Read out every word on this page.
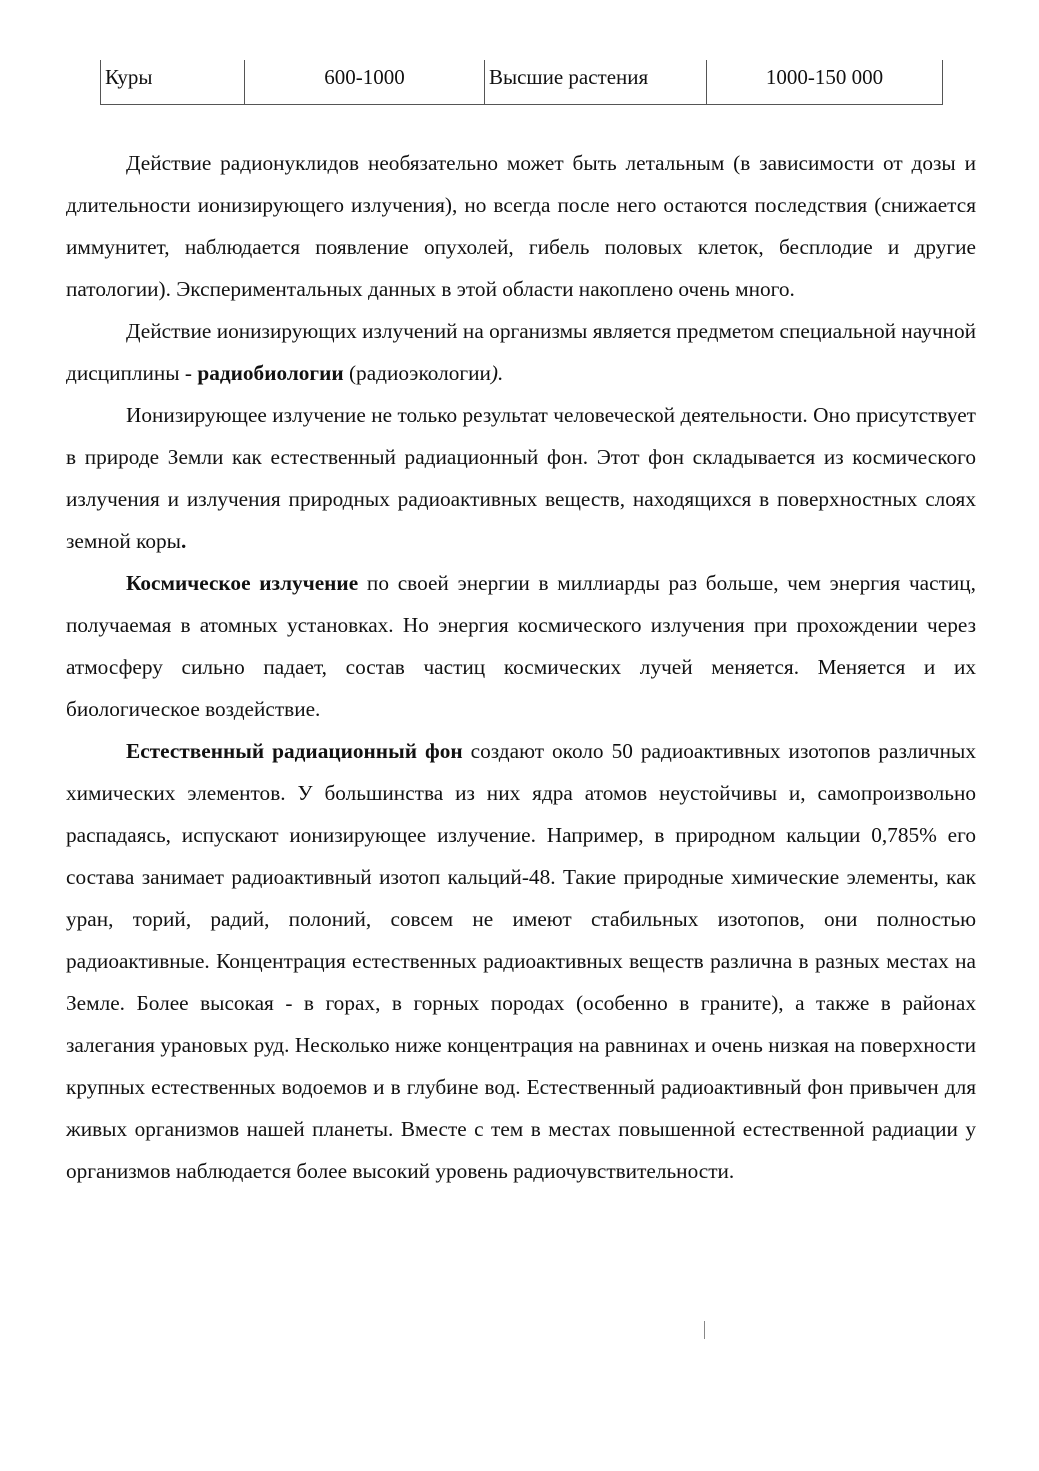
Куры	600-1000	Высшие растения	1000-150 000

Действие радионуклидов необязательно может быть летальным (в зависимости от дозы и длительности ионизирующего излучения), но всегда после него остаются последствия (снижается иммунитет, наблюдается появление опухолей, гибель половых клеток, бесплодие и другие патологии). Экспериментальных данных в этой области накоплено очень много.

Действие ионизирующих излучений на организмы является предметом специальной научной дисциплины - радиобиологии (радиоэкологии).

Ионизирующее излучение не только результат человеческой деятельности. Оно присутствует в природе Земли как естественный радиационный фон. Этот фон складывается из космического излучения и излучения природных радиоактивных веществ, находящихся в поверхностных слоях земной коры.

Космическое излучение по своей энергии в миллиарды раз больше, чем энергия частиц, получаемая в атомных установках. Но энергия космического излучения при прохождении через атмосферу сильно падает, состав частиц космических лучей меняется. Меняется и их биологическое воздействие.

Естественный радиационный фон создают около 50 радиоактивных изотопов различных химических элементов. У большинства из них ядра атомов неустойчивы и, самопроизвольно распадаясь, испускают ионизирующее излучение. Например, в природном кальции 0,785% его состава занимает радиоактивный изотоп кальций-48. Такие природные химические элементы, как уран, торий, радий, полоний, совсем не имеют стабильных изотопов, они полностью радиоактивные. Концентрация естественных радиоактивных веществ различна в разных местах на Земле. Более высокая - в горах, в горных породах (особенно в граните), а также в районах залегания урановых руд. Несколько ниже концентрация на равнинах и очень низкая на поверхности крупных естественных водоемов и в глубине вод. Естественный радиоактивный фон привычен для живых организмов нашей планеты. Вместе с тем в местах повышенной естественной радиации у организмов наблюдается более высокий уровень радиочувствительности.
